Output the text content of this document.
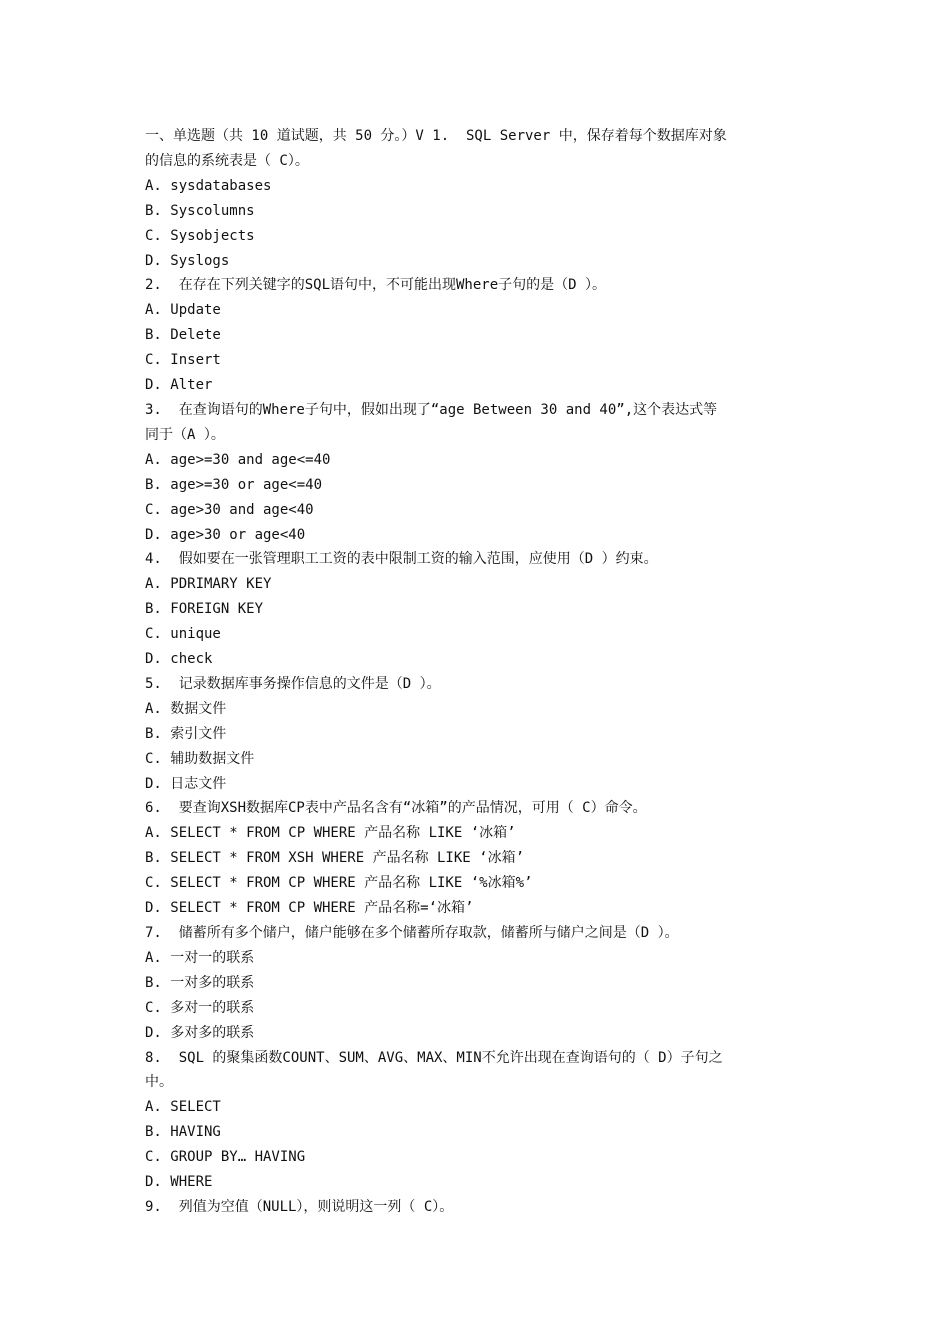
一、单选题（共 10 道试题，共 50 分。）V 1.  SQL Server 中，保存着每个数据库对象
的信息的系统表是（ C）。
A. sysdatabases
B. Syscolumns
C. Sysobjects
D. Syslogs
2.  在存在下列关键字的SQL语句中，不可能出现Where子句的是（D ）。
A. Update
B. Delete
C. Insert
D. Alter
3.  在查询语句的Where子句中，假如出现了“age Between 30 and 40”,这个表达式等
同于（A ）。
A. age>=30 and age<=40
B. age>=30 or age<=40
C. age>30 and age<40
D. age>30 or age<40
4.  假如要在一张管理职工工资的表中限制工资的输入范围，应使用（D ）约束。
A. PDRIMARY KEY
B. FOREIGN KEY
C. unique
D. check
5.  记录数据库事务操作信息的文件是（D ）。
A. 数据文件
B. 索引文件
C. 辅助数据文件
D. 日志文件
6.  要查询XSH数据库CP表中产品名含有“冰箱”的产品情况，可用（ C）命令。
A. SELECT * FROM CP WHERE 产品名称 LIKE ‘冰箱’
B. SELECT * FROM XSH WHERE 产品名称 LIKE ‘冰箱’
C. SELECT * FROM CP WHERE 产品名称 LIKE ‘%冰箱%’
D. SELECT * FROM CP WHERE 产品名称=‘冰箱’
7.  储蓄所有多个储户，储户能够在多个储蓄所存取款，储蓄所与储户之间是（D ）。
A. 一对一的联系
B. 一对多的联系
C. 多对一的联系
D. 多对多的联系
8.  SQL 的聚集函数COUNT、SUM、AVG、MAX、MIN不允许出现在查询语句的（ D）子句之
中。
A. SELECT
B. HAVING
C. GROUP BY… HAVING
D. WHERE
9.  列值为空值（NULL），则说明这一列（ C）。
